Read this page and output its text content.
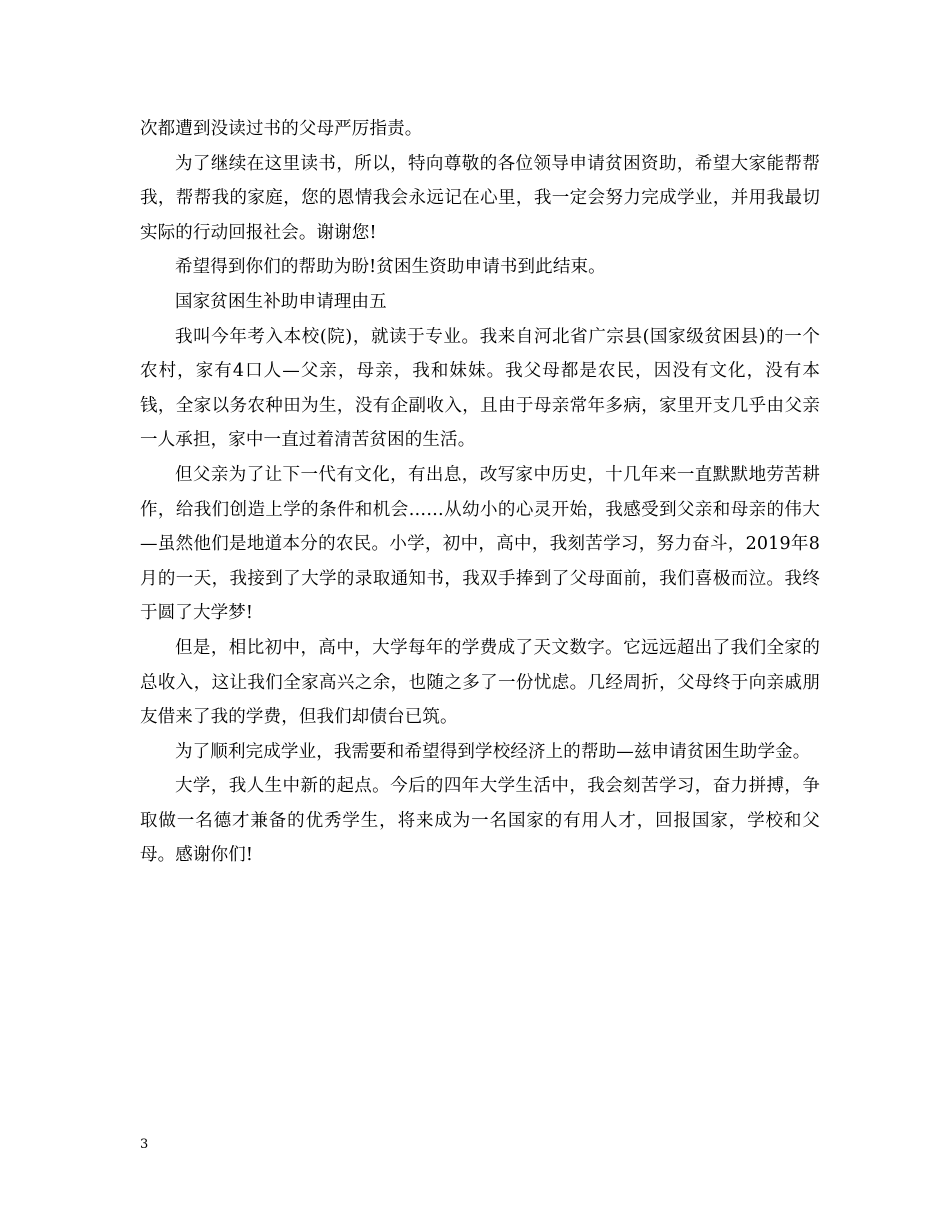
次都遭到没读过书的父母严厉指责。

为了继续在这里读书，所以，特向尊敬的各位领导申请贫困资助，希望大家能帮帮我，帮帮我的家庭，您的恩情我会永远记在心里，我一定会努力完成学业，并用我最切实际的行动回报社会。谢谢您!

希望得到你们的帮助为盼!贫困生资助申请书到此结束。

国家贫困生补助申请理由五

我叫今年考入本校(院)，就读于专业。我来自河北省广宗县(国家级贫困县)的一个农村，家有4口人—父亲，母亲，我和妹妹。我父母都是农民，因没有文化，没有本钱，全家以务农种田为生，没有企副收入，且由于母亲常年多病，家里开支几乎由父亲一人承担，家中一直过着清苦贫困的生活。

但父亲为了让下一代有文化，有出息，改写家中历史，十几年来一直默默地劳苦耕作，给我们创造上学的条件和机会……从幼小的心灵开始，我感受到父亲和母亲的伟大—虽然他们是地道本分的农民。小学，初中，高中，我刻苦学习，努力奋斗，2019年8月的一天，我接到了大学的录取通知书，我双手捧到了父母面前，我们喜极而泣。我终于圆了大学梦!

但是，相比初中，高中，大学每年的学费成了天文数字。它远远超出了我们全家的总收入，这让我们全家高兴之余，也随之多了一份忧虑。几经周折，父母终于向亲戚朋友借来了我的学费，但我们却债台已筑。

为了顺利完成学业，我需要和希望得到学校经济上的帮助—兹申请贫困生助学金。

大学，我人生中新的起点。今后的四年大学生活中，我会刻苦学习，奋力拼搏，争取做一名德才兼备的优秀学生，将来成为一名国家的有用人才，回报国家，学校和父母。感谢你们!

3
